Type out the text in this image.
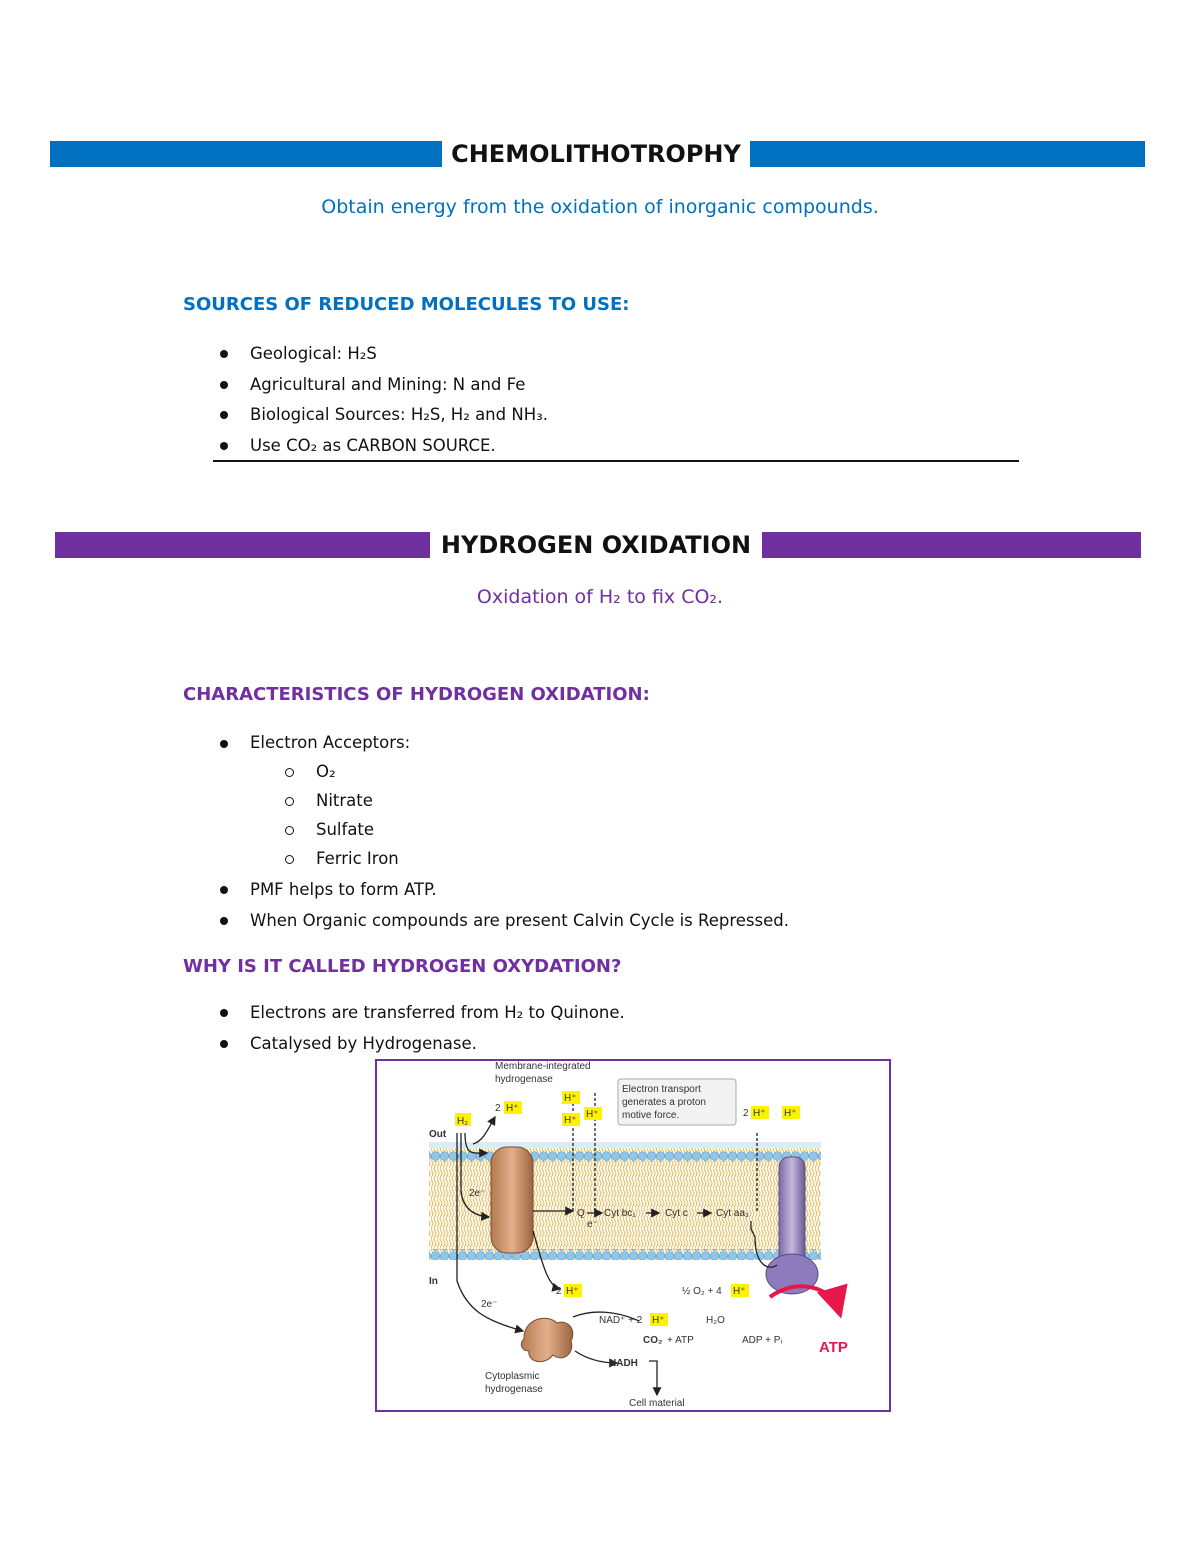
CHEMOLITHOTROPHY
Obtain energy from the oxidation of inorganic compounds.
SOURCES OF REDUCED MOLECULES TO USE:
Geological: H₂S
Agricultural and Mining: N and Fe
Biological Sources: H₂S, H₂ and NH₃.
Use CO₂ as CARBON SOURCE.
HYDROGEN OXIDATION
Oxidation of H₂ to fix CO₂.
CHARACTERISTICS OF HYDROGEN OXIDATION:
Electron Acceptors:
O₂
Nitrate
Sulfate
Ferric Iron
PMF helps to form ATP.
When Organic compounds are present Calvin Cycle is Repressed.
WHY IS IT CALLED HYDROGEN OXYDATION?
Electrons are transferred from H₂ to Quinone.
Catalysed by Hydrogenase.
Electron transport
generates a proton
motive force.
Membrane-integrated
hydrogenase
Out
In
H₂
2 H⁺
H⁺
H⁺
H⁺	2 H⁺ H⁺
2e⁻
Q
e⁻
Cyt bc₁	Cyt c	Cyt aa₃
2 H⁺	½ O₂ + 4 H⁺
H₂O
ADP + Pᵢ ATP
2e⁻
NAD⁺ + 2 H⁺
CO₂ + ATP
NADH
Cytoplasmic
hydrogenase
Cell material
